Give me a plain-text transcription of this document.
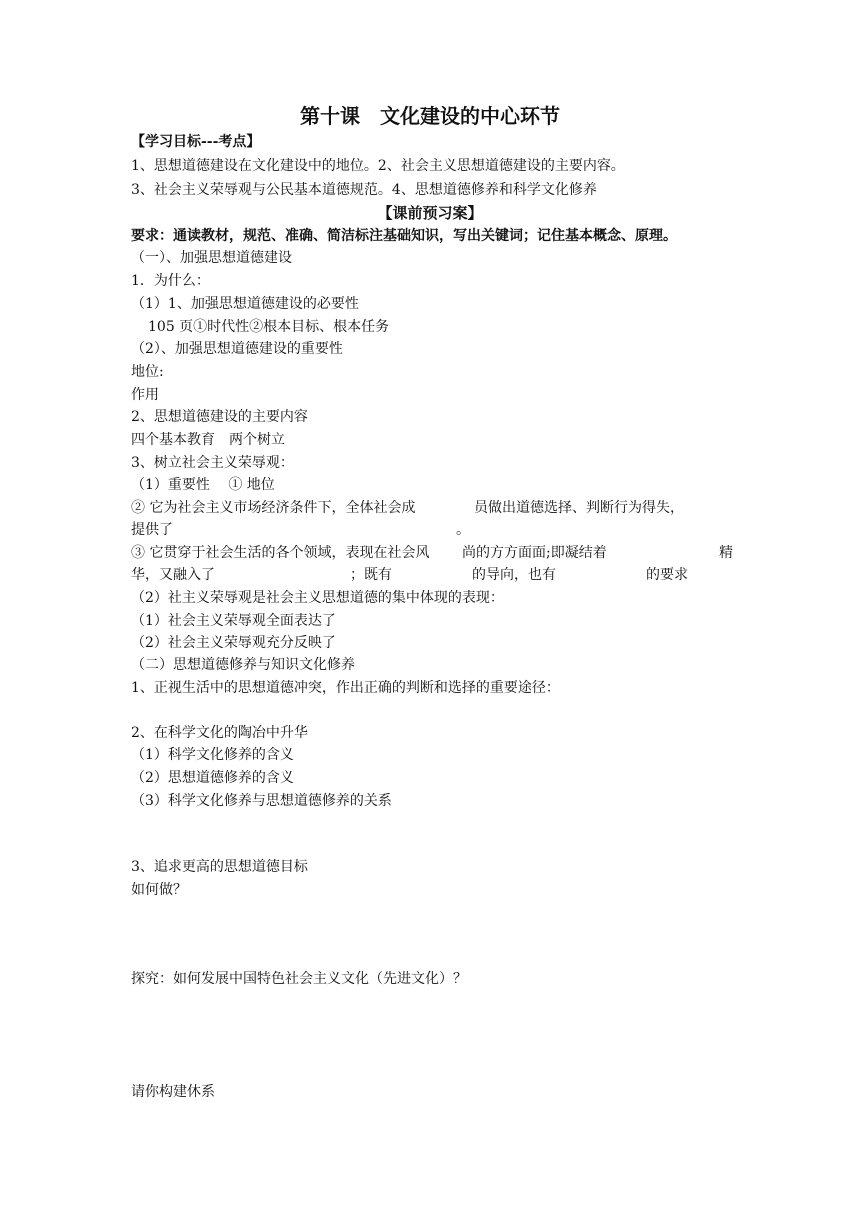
第十课　文化建设的中心环节
【学习目标---考点】
1、思想道德建设在文化建设中的地位。2、社会主义思想道德建设的主要内容。
3、社会主义荣辱观与公民基本道德规范。4、思想道德修养和科学文化修养
【课前预习案】
要求：通读教材，规范、准确、简洁标注基础知识，写出关键词；记住基本概念、原理。
（一）、加强思想道德建设
1．为什么：
（1）1、加强思想道德建设的必要性
105 页①时代性②根本目标、根本任务
（2）、加强思想道德建设的重要性
地位:
作用
2、思想道德建设的主要内容
四个基本教育　两个树立
3、树立社会主义荣辱观：
（1）重要性　 ① 地位
② 它为社会主义市场经济条件下，全体社会成	员做出道德选择、判断行为得失，
提供了	。
③ 它贯穿于社会生活的各个领域，表现在社会风 尚的方方面面;即凝结着	精
华，又融入了	；既有	的导向，也有	的要求
（2）社主义荣辱观是社会主义思想道德的集中体现的表现：
（1）社会主义荣辱观全面表达了
（2）社会主义荣辱观充分反映了
（二）思想道德修养与知识文化修养
1、正视生活中的思想道德冲突，作出正确的判断和选择的重要途径：
2、在科学文化的陶冶中升华
（1）科学文化修养的含义
（2）思想道德修养的含义
（3）科学文化修养与思想道德修养的关系
3、追求更高的思想道德目标
如何做？
探究：如何发展中国特色社会主义文化（先进文化）？
请你构建休系
